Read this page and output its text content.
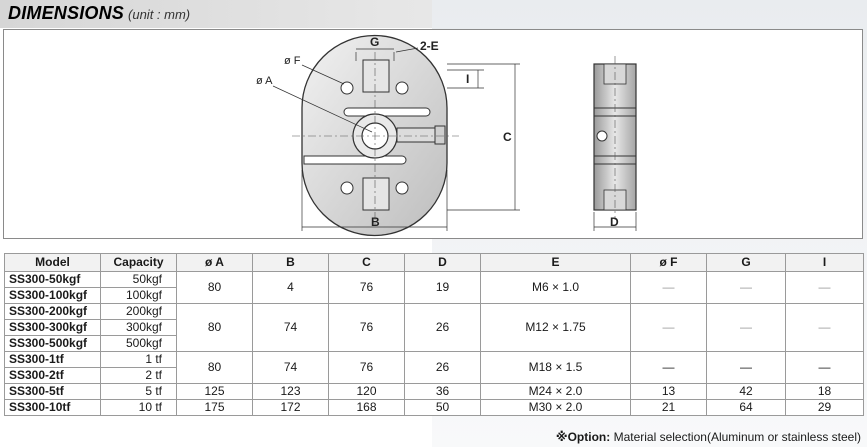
DIMENSIONS (unit : mm)
G	2-E
ø F
ø A	I
C
B	D
Model	Capacity	ø A	B	C	D	E	ø F	G	I
SS300-50kgf	50kgf	80	4	76	19	M6 × 1.0	—	—	—
SS300-100kgf	100kgf								
SS300-200kgf	200kgf	80	74	76	26	M12 × 1.75	—	—	—
SS300-300kgf	300kgf								
SS300-500kgf	500kgf								
SS300-1tf	1 tf	80	74	76	26	M18 × 1.5	—	—	—
SS300-2tf	2 tf								
SS300-5tf	5 tf	125	123	120	36	M24 × 2.0	13	42	18
SS300-10tf	10 tf	175	172	168	50	M30 × 2.0	21	64	29
※Option: Material selection(Aluminum or stainless steel)
